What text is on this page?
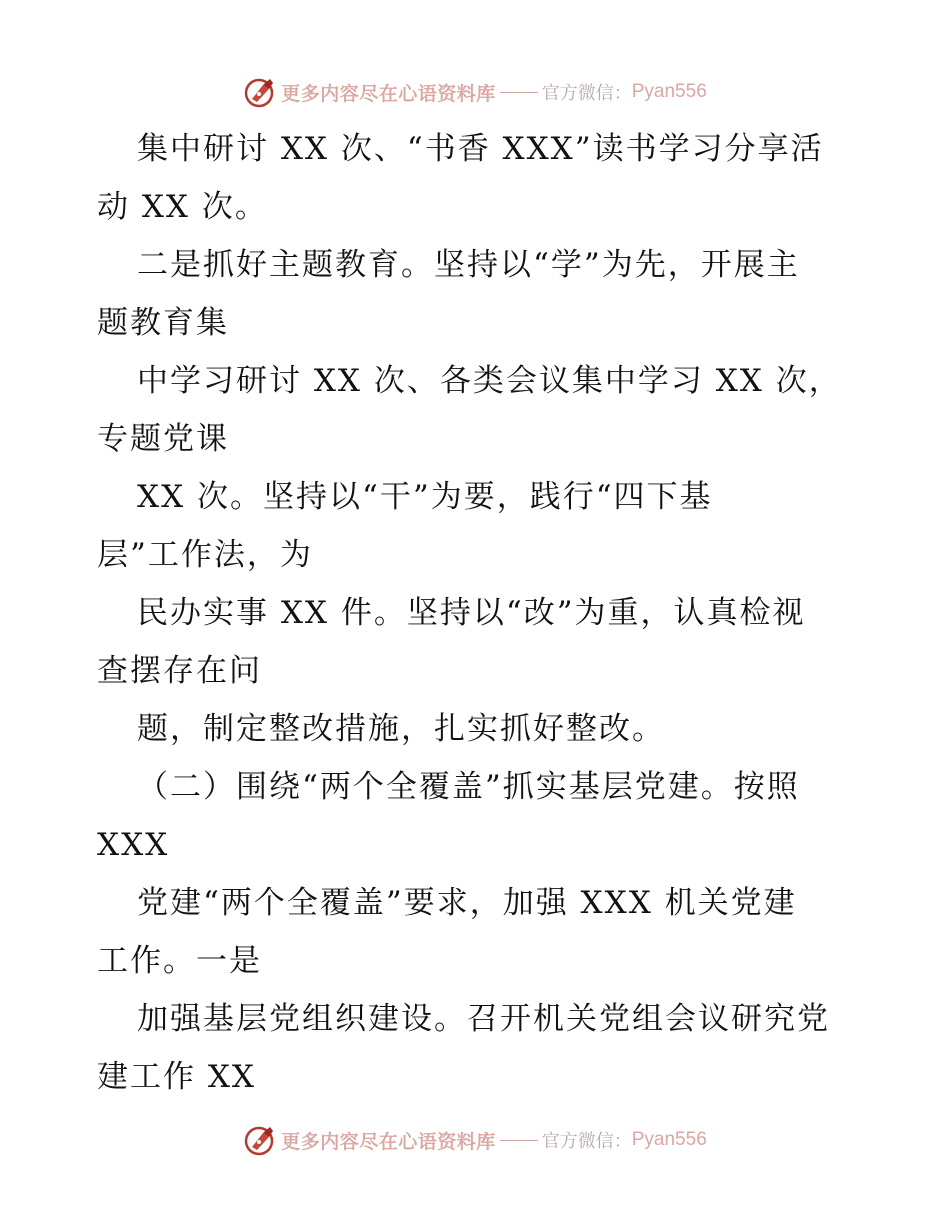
更多内容尽在心语资料库	官方微信： Pyan556
集中研讨 XX 次、“书香 XXX”读书学习分享活
动 XX 次。
二是抓好主题教育。坚持以“学”为先，开展主
题教育集
中学习研讨 XX 次、各类会议集中学习 XX 次，
专题党课
XX 次。坚持以“干”为要，践行“四下基
层”工作法，为
民办实事 XX 件。坚持以“改”为重，认真检视
查摆存在问
题，制定整改措施，扎实抓好整改。
（二）围绕“两个全覆盖”抓实基层党建。按照
XXX
党建“两个全覆盖”要求，加强 XXX 机关党建
工作。一是
加强基层党组织建设。召开机关党组会议研究党
建工作 XX
更多内容尽在心语资料库	官方微信： Pyan556
